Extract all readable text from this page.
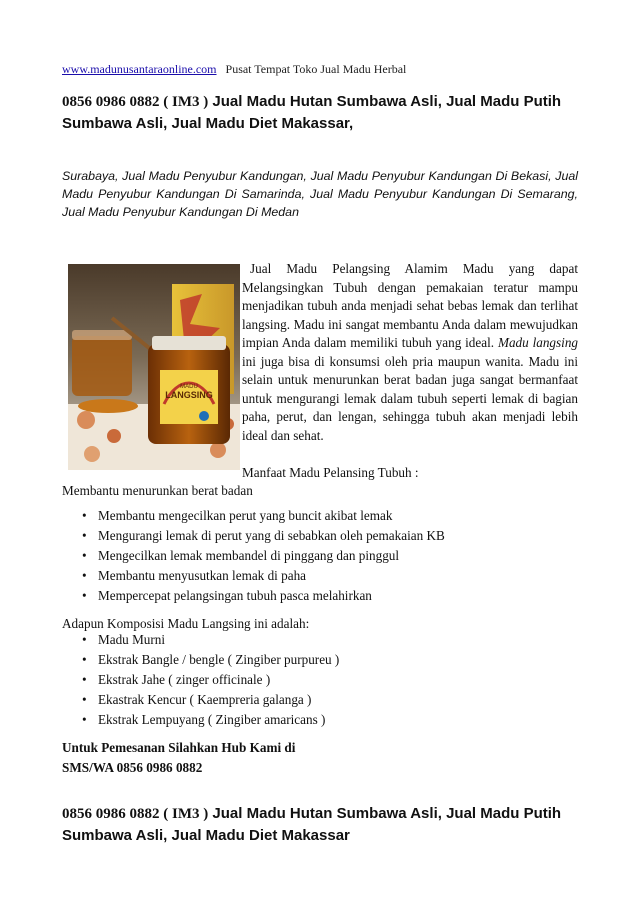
www.madunusantaraonline.com Pusat Tempat Toko Jual Madu Herbal
0856 0986 0882 ( IM3 ) Jual Madu Hutan Sumbawa Asli, Jual Madu Putih Sumbawa Asli, Jual Madu Diet Makassar,
Surabaya, Jual Madu Penyubur Kandungan, Jual Madu Penyubur Kandungan Di Bekasi, Jual Madu Penyubur Kandungan Di Samarinda, Jual Madu Penyubur Kandungan Di Semarang, Jual Madu Penyubur Kandungan Di Medan
MADU
LANGSING
Jual Madu Pelangsing Alamim Madu yang dapat Melangsingkan Tubuh dengan pemakaian teratur mampu menjadikan tubuh anda menjadi sehat bebas lemak dan terlihat langsing. Madu ini sangat membantu Anda dalam mewujudkan impian Anda dalam memiliki tubuh yang ideal. Madu langsing ini juga bisa di konsumsi oleh pria maupun wanita. Madu ini selain untuk menurunkan berat badan juga sangat bermanfaat untuk mengurangi lemak dalam tubuh seperti lemak di bagian paha, perut, dan lengan, sehingga tubuh akan menjadi lebih ideal dan sehat.
Manfaat Madu Pelansing Tubuh :
Membantu menurunkan berat badan
• Membantu mengecilkan perut yang buncit akibat lemak
• Mengurangi lemak di perut yang di sebabkan oleh pemakaian KB
• Mengecilkan lemak membandel di pinggang dan pinggul
• Membantu menyusutkan lemak di paha
• Mempercepat pelangsingan tubuh pasca melahirkan
Adapun Komposisi Madu Langsing ini adalah:
• Madu Murni
• Ekstrak Bangle / bengle ( Zingiber purpureu )
• Ekstrak Jahe ( zinger officinale )
• Ekastrak Kencur ( Kaempreria galanga )
• Ekstrak Lempuyang ( Zingiber amaricans )
Untuk Pemesanan Silahkan Hub Kami di
SMS/WA 0856 0986 0882
0856 0986 0882 ( IM3 ) Jual Madu Hutan Sumbawa Asli, Jual Madu Putih Sumbawa Asli, Jual Madu Diet Makassar
